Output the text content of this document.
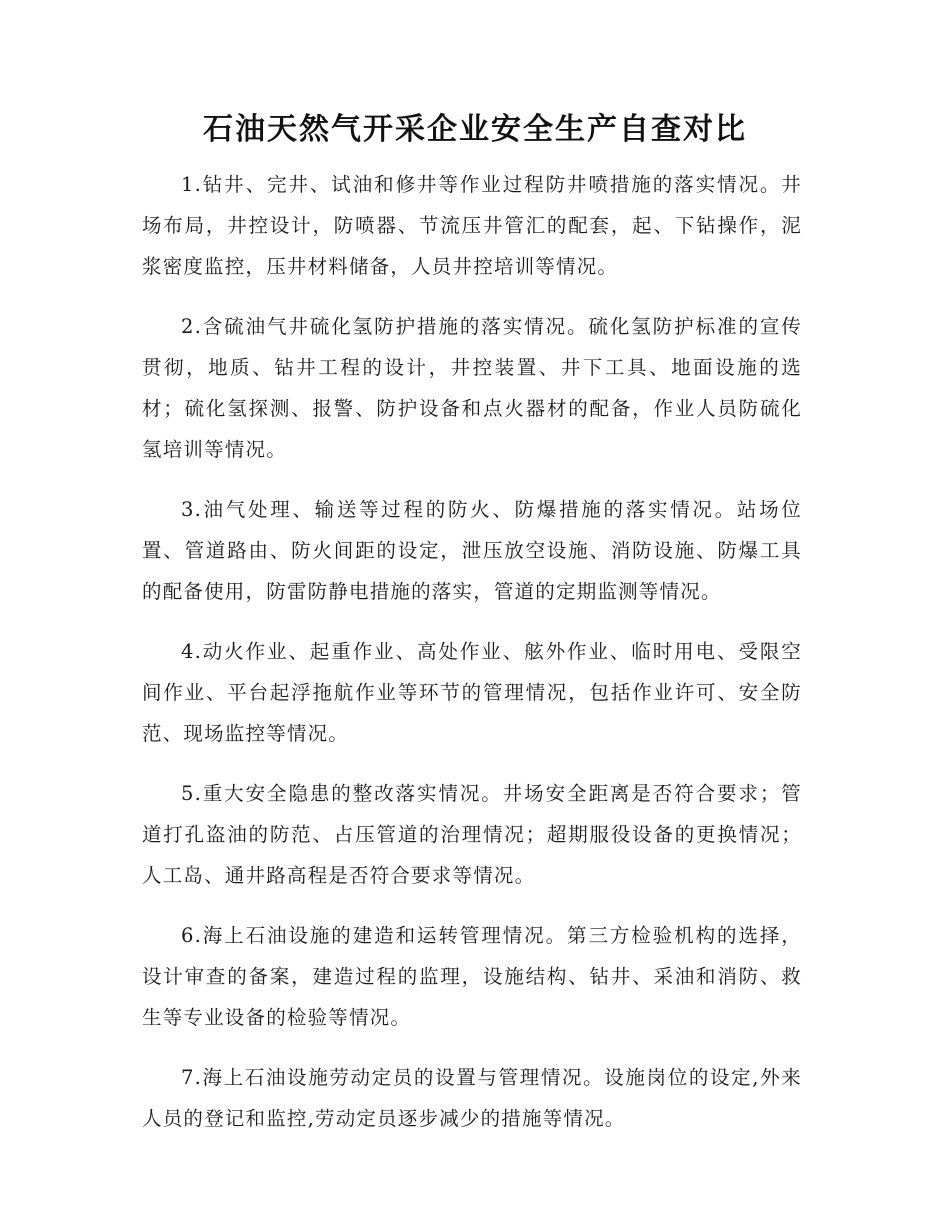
石油天然气开采企业安全生产自查对比

1.钻井、完井、试油和修井等作业过程防井喷措施的落实情况。井场布局，井控设计，防喷器、节流压井管汇的配套，起、下钻操作，泥浆密度监控，压井材料储备，人员井控培训等情况。

2.含硫油气井硫化氢防护措施的落实情况。硫化氢防护标准的宣传贯彻，地质、钻井工程的设计，井控装置、井下工具、地面设施的选材；硫化氢探测、报警、防护设备和点火器材的配备，作业人员防硫化氢培训等情况。

3.油气处理、输送等过程的防火、防爆措施的落实情况。站场位置、管道路由、防火间距的设定，泄压放空设施、消防设施、防爆工具的配备使用，防雷防静电措施的落实，管道的定期监测等情况。

4.动火作业、起重作业、高处作业、舷外作业、临时用电、受限空间作业、平台起浮拖航作业等环节的管理情况，包括作业许可、安全防范、现场监控等情况。

5.重大安全隐患的整改落实情况。井场安全距离是否符合要求；管道打孔盗油的防范、占压管道的治理情况；超期服役设备的更换情况；人工岛、通井路高程是否符合要求等情况。

6.海上石油设施的建造和运转管理情况。第三方检验机构的选择，设计审查的备案，建造过程的监理，设施结构、钻井、采油和消防、救生等专业设备的检验等情况。

7.海上石油设施劳动定员的设置与管理情况。设施岗位的设定,外来人员的登记和监控,劳动定员逐步减少的措施等情况。
